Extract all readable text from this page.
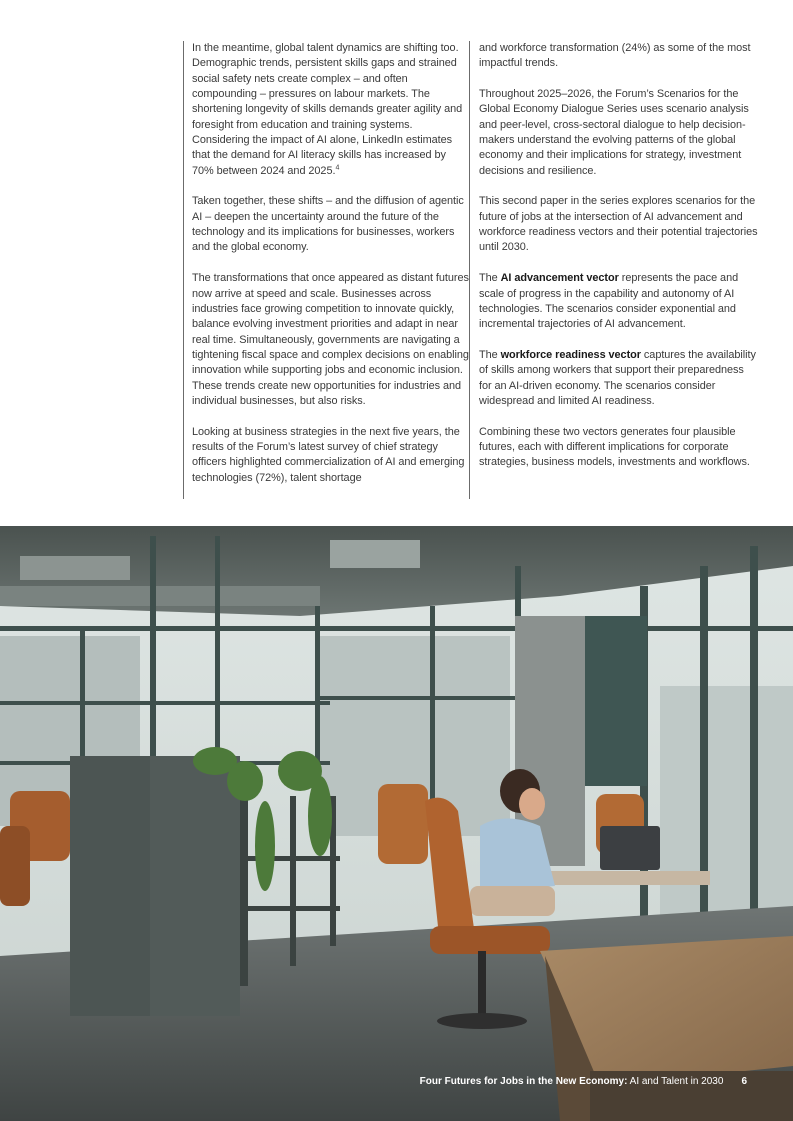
In the meantime, global talent dynamics are shifting too. Demographic trends, persistent skills gaps and strained social safety nets create complex – and often compounding – pressures on labour markets. The shortening longevity of skills demands greater agility and foresight from education and training systems. Considering the impact of AI alone, LinkedIn estimates that the demand for AI literacy skills has increased by 70% between 2024 and 2025.$^4$

Taken together, these shifts – and the diffusion of agentic AI – deepen the uncertainty around the future of the technology and its implications for businesses, workers and the global economy.

The transformations that once appeared as distant futures now arrive at speed and scale. Businesses across industries face growing competition to innovate quickly, balance evolving investment priorities and adapt in near real time. Simultaneously, governments are navigating a tightening fiscal space and complex decisions on enabling innovation while supporting jobs and economic inclusion. These trends create new opportunities for industries and individual businesses, but also risks.

Looking at business strategies in the next five years, the results of the Forum’s latest survey of chief strategy officers highlighted commercialization of AI and emerging technologies (72%), talent shortage

and workforce transformation (24%) as some of the most impactful trends.

Throughout 2025–2026, the Forum’s Scenarios for the Global Economy Dialogue Series uses scenario analysis and peer-level, cross-sectoral dialogue to help decision-makers understand the evolving patterns of the global economy and their implications for strategy, investment decisions and resilience.

This second paper in the series explores scenarios for the future of jobs at the intersection of AI advancement and workforce readiness vectors and their potential trajectories until 2030.

The AI advancement vector represents the pace and scale of progress in the capability and autonomy of AI technologies. The scenarios consider exponential and incremental trajectories of AI advancement.

The workforce readiness vector captures the availability of skills among workers that support their preparedness for an AI-driven economy. The scenarios consider widespread and limited AI readiness.

Combining these two vectors generates four plausible futures, each with different implications for corporate strategies, business models, investments and workflows.

Four Futures for Jobs in the New Economy: AI and Talent in 2030 6
